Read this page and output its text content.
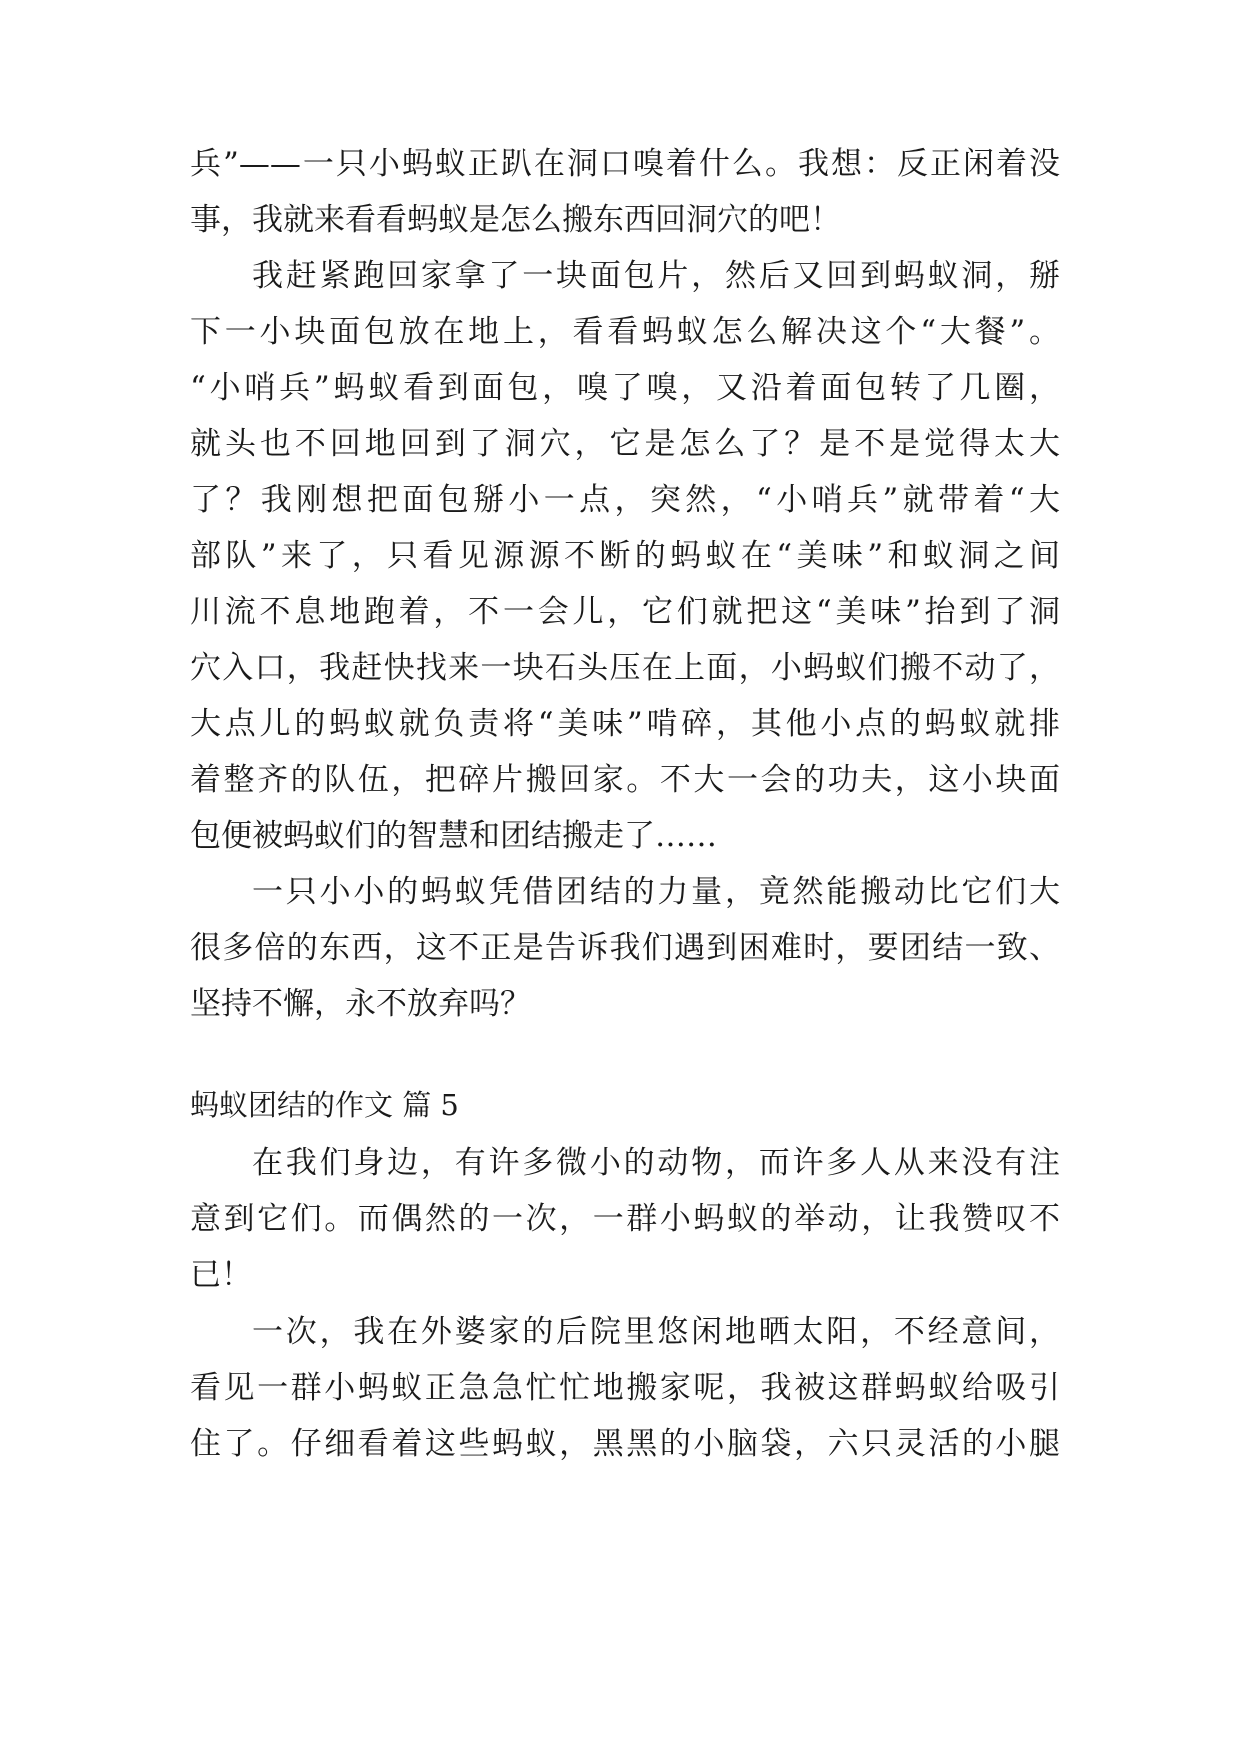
兵”——一只小蚂蚁正趴在洞口嗅着什么。我想：反正闲着没
事，我就来看看蚂蚁是怎么搬东西回洞穴的吧！
我赶紧跑回家拿了一块面包片，然后又回到蚂蚁洞，掰
下一小块面包放在地上，看看蚂蚁怎么解决这个“大餐”。
“小哨兵”蚂蚁看到面包，嗅了嗅，又沿着面包转了几圈，
就头也不回地回到了洞穴，它是怎么了？是不是觉得太大
了？我刚想把面包掰小一点，突然，“小哨兵”就带着“大
部队”来了，只看见源源不断的蚂蚁在“美味”和蚁洞之间
川流不息地跑着，不一会儿，它们就把这“美味”抬到了洞
穴入口，我赶快找来一块石头压在上面，小蚂蚁们搬不动了，
大点儿的蚂蚁就负责将“美味”啃碎，其他小点的蚂蚁就排
着整齐的队伍，把碎片搬回家。不大一会的功夫，这小块面
包便被蚂蚁们的智慧和团结搬走了……
一只小小的蚂蚁凭借团结的力量，竟然能搬动比它们大
很多倍的东西，这不正是告诉我们遇到困难时，要团结一致、
坚持不懈，永不放弃吗？
蚂蚁团结的作文 篇 5
在我们身边，有许多微小的动物，而许多人从来没有注
意到它们。而偶然的一次，一群小蚂蚁的举动，让我赞叹不
已！
一次，我在外婆家的后院里悠闲地晒太阳，不经意间，
看见一群小蚂蚁正急急忙忙地搬家呢，我被这群蚂蚁给吸引
住了。仔细看着这些蚂蚁，黑黑的小脑袋，六只灵活的小腿
